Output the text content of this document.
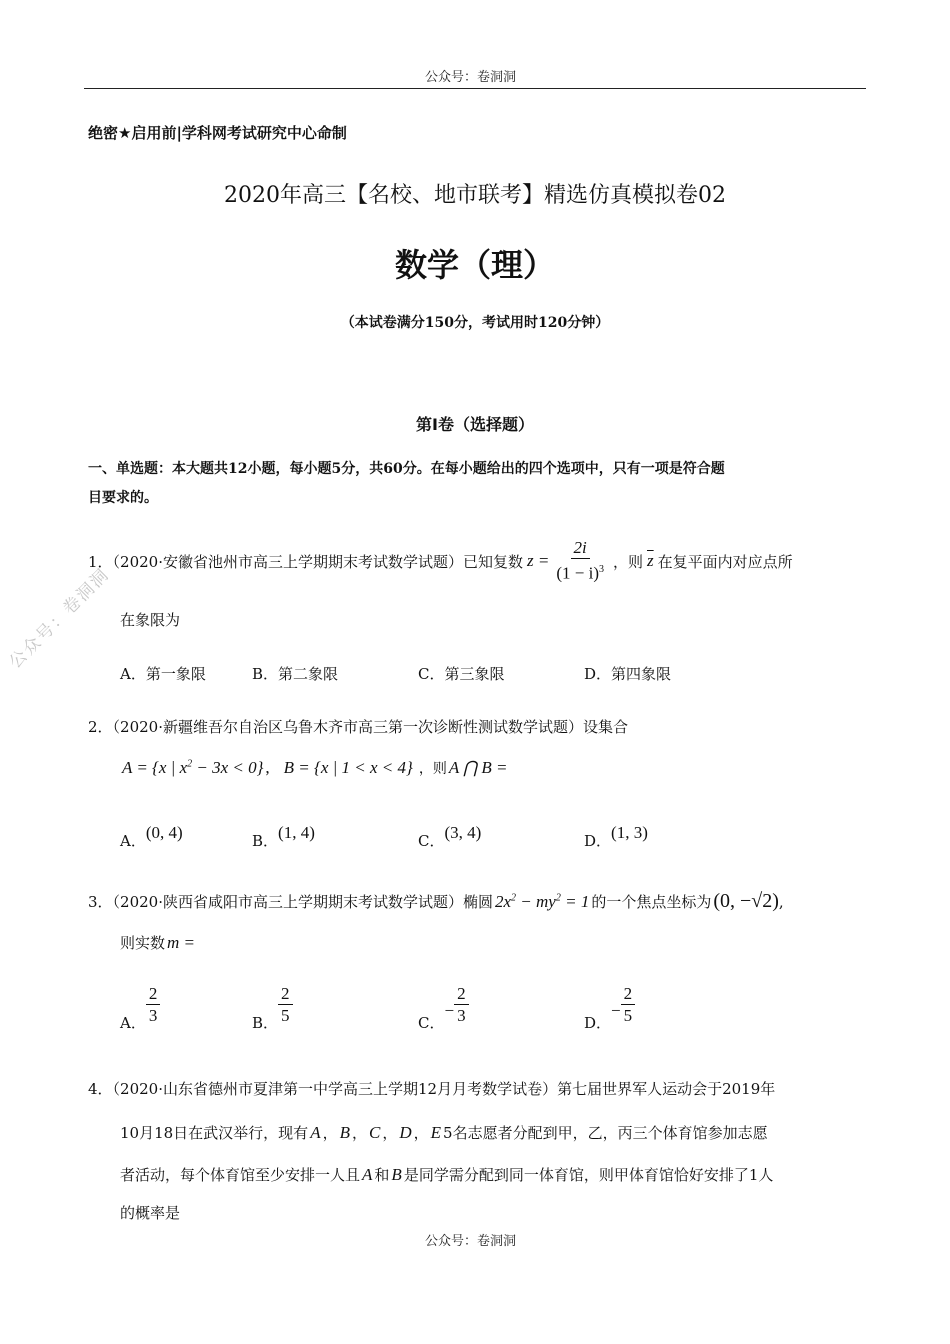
公众号：卷洞洞
公众号：卷洞洞
绝密★启用前|学科网考试研究中心命制
2020年高三【名校、地市联考】精选仿真模拟卷02
数学（理）
（本试卷满分150分，考试用时120分钟）
第Ⅰ卷（选择题）
一、单选题：本大题共12小题，每小题5分，共60分。在每小题给出的四个选项中，只有一项是符合题
目要求的。
1．（2020·安徽省池州市高三上学期期末考试数学试题）已知复数 $z = \frac{2i}{(1 - i)^3}$ ，则 $\overline{z}$ 在复平面内对应点所
在象限为
A．第一象限	B．第二象限	C．第三象限	D．第四象限
2．（2020·新疆维吾尔自治区乌鲁木齐市高三第一次诊断性测试数学试题）设集合
A = {x | $x^2 - 3x < 0$} , B = {x | 1 < x < 4} ，则 A ⋂ B =
A．(0, 4)	B．(1, 4)	C．(3, 4)	D．(1, 3)
3．（2020·陕西省咸阳市高三上学期期末考试数学试题）椭圆 $2x^2 - my^2 = 1$ 的一个焦点坐标为 (0, −√2) ,
则实数 m =
A． $\frac{2}{3}$	B． $\frac{2}{5}$	C．
− $\frac{2}{3}$	D．
− $\frac{2}{5}$
4．（2020·山东省德州市夏津第一中学高三上学期12月月考数学试卷）第七届世界军人运动会于2019年
10月18日在武汉举行，现有 A ， B ， C ， D ， E 5名志愿者分配到甲，乙，丙三个体育馆参加志愿
者活动，每个体育馆至少安排一人且 A 和 B 是同学需分配到同一体育馆，则甲体育馆恰好安排了1人
的概率是
公众号：卷洞洞
